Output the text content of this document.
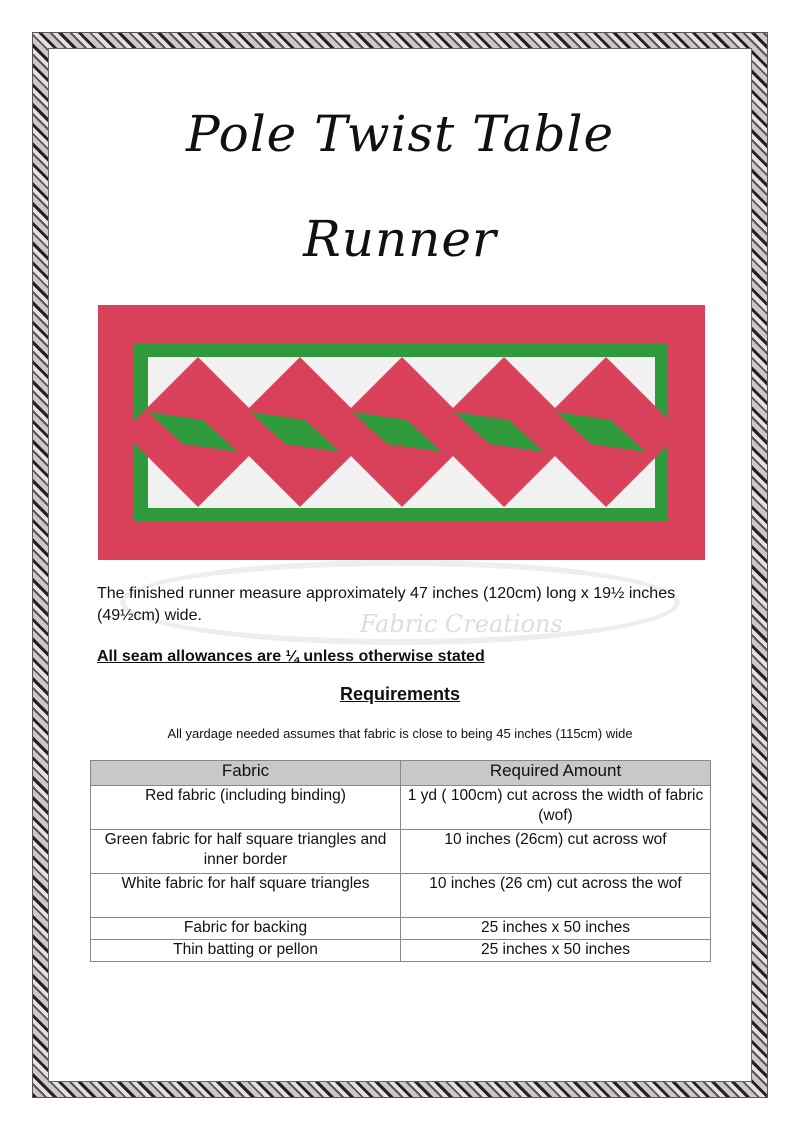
Pole Twist Table
Runner
Fabric Creations
The finished runner measure approximately 47 inches (120cm) long x 19½ inches (49½cm) wide.
All seam allowances are ¼ unless otherwise stated
Requirements
All yardage needed assumes that fabric is close to being 45 inches (115cm) wide
Fabric	Required Amount
Red fabric (including binding)	1 yd ( 100cm) cut across the width of fabric (wof)
Green fabric for half square triangles and inner border	10 inches (26cm) cut across wof
White fabric for half square triangles	10 inches (26 cm) cut across the wof
Fabric for backing	25 inches x 50 inches
Thin batting or pellon	25 inches x 50 inches
